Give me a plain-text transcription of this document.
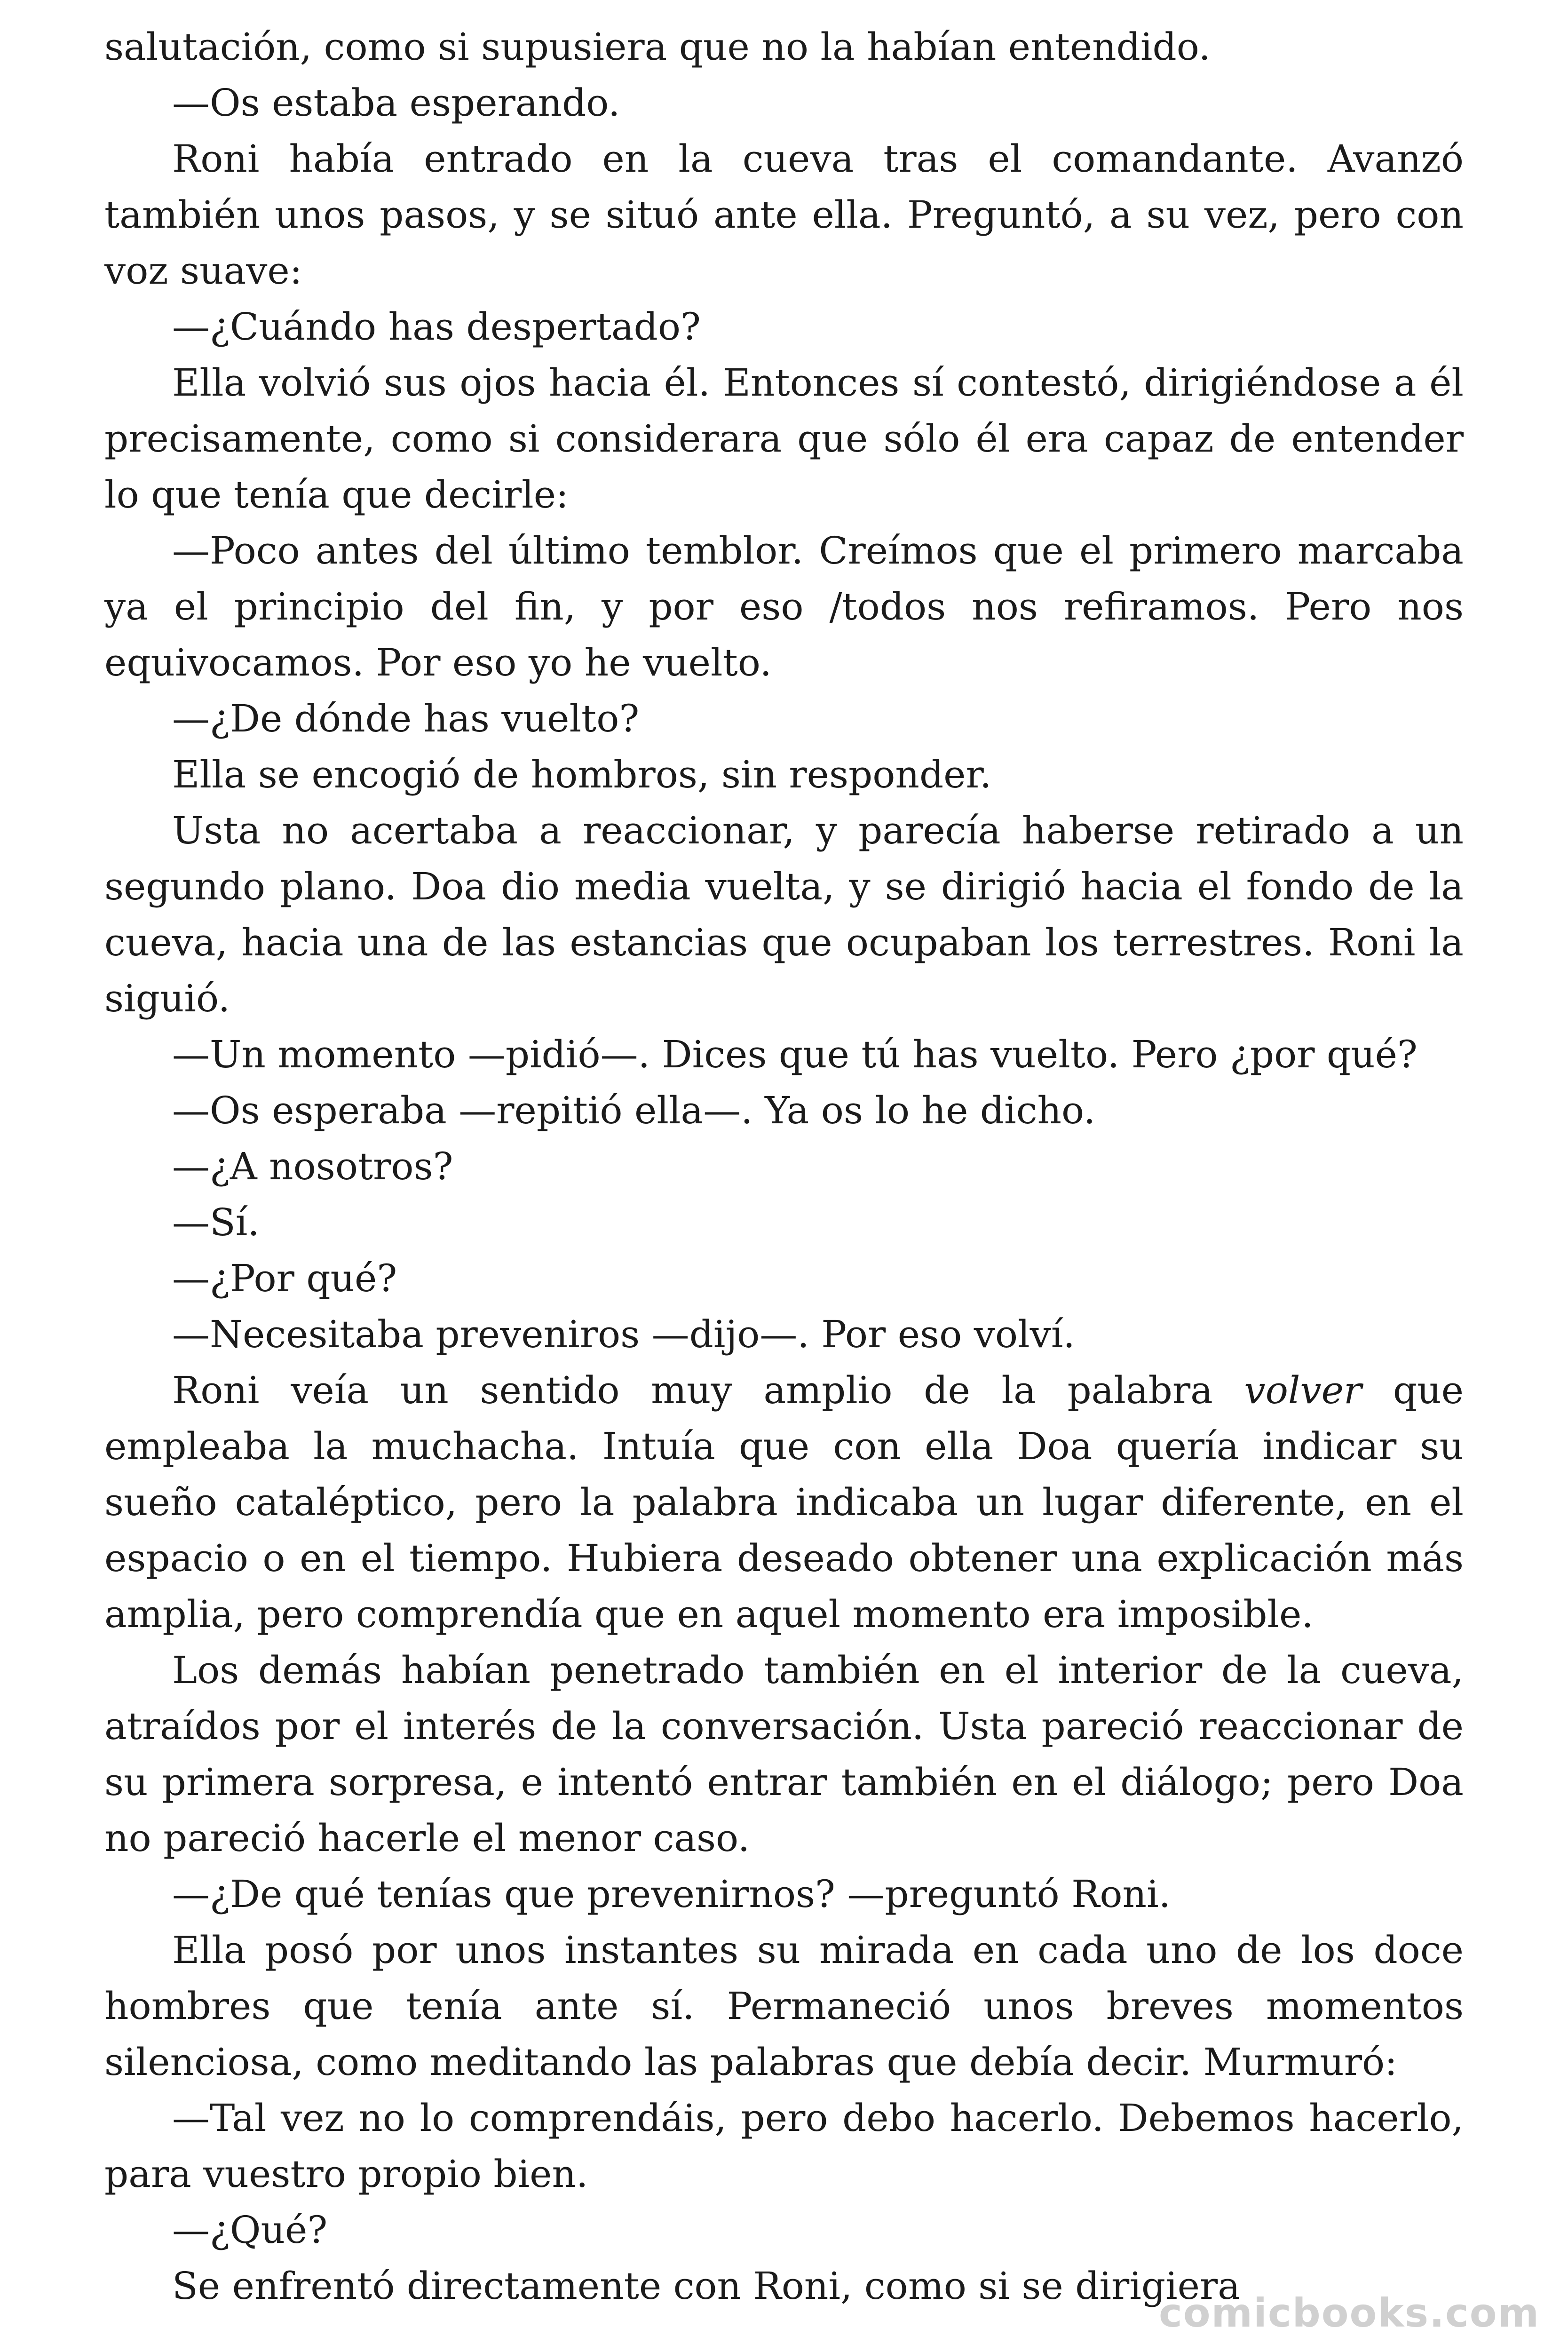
salutación, como si supusiera que no la habían entendido.

—Os estaba esperando.

Roni había entrado en la cueva tras el comandante. Avanzó también unos pasos, y se situó ante ella. Preguntó, a su vez, pero con voz suave:

—¿Cuándo has despertado?

Ella volvió sus ojos hacia él. Entonces sí contestó, dirigiéndose a él precisamente, como si considerara que sólo él era capaz de entender lo que tenía que decirle:

—Poco antes del último temblor. Creímos que el primero marcaba ya el principio del fin, y por eso /todos nos refiramos. Pero nos equivocamos. Por eso yo he vuelto.

—¿De dónde has vuelto?

Ella se encogió de hombros, sin responder.

Usta no acertaba a reaccionar, y parecía haberse retirado a un segundo plano. Doa dio media vuelta, y se dirigió hacia el fondo de la cueva, hacia una de las estancias que ocupaban los terrestres. Roni la siguió.

—Un momento —pidió—. Dices que tú has vuelto. Pero ¿por qué?

—Os esperaba —repitió ella—. Ya os lo he dicho.

—¿A nosotros?

—Sí.

—¿Por qué?

—Necesitaba preveniros —dijo—. Por eso volví.

Roni veía un sentido muy amplio de la palabra volver que empleaba la muchacha. Intuía que con ella Doa quería indicar su sueño cataléptico, pero la palabra indicaba un lugar diferente, en el espacio o en el tiempo. Hubiera deseado obtener una explicación más amplia, pero comprendía que en aquel momento era imposible.

Los demás habían penetrado también en el interior de la cueva, atraídos por el interés de la conversación. Usta pareció reaccionar de su primera sorpresa, e intentó entrar también en el diálogo; pero Doa no pareció hacerle el menor caso.

—¿De qué tenías que prevenirnos? —preguntó Roni.

Ella posó por unos instantes su mirada en cada uno de los doce hombres que tenía ante sí. Permaneció unos breves momentos silenciosa, como meditando las palabras que debía decir. Murmuró:

—Tal vez no lo comprendáis, pero debo hacerlo. Debemos hacerlo, para vuestro propio bien.

—¿Qué?

Se enfrentó directamente con Roni, como si se dirigiera

comicbooks.com
